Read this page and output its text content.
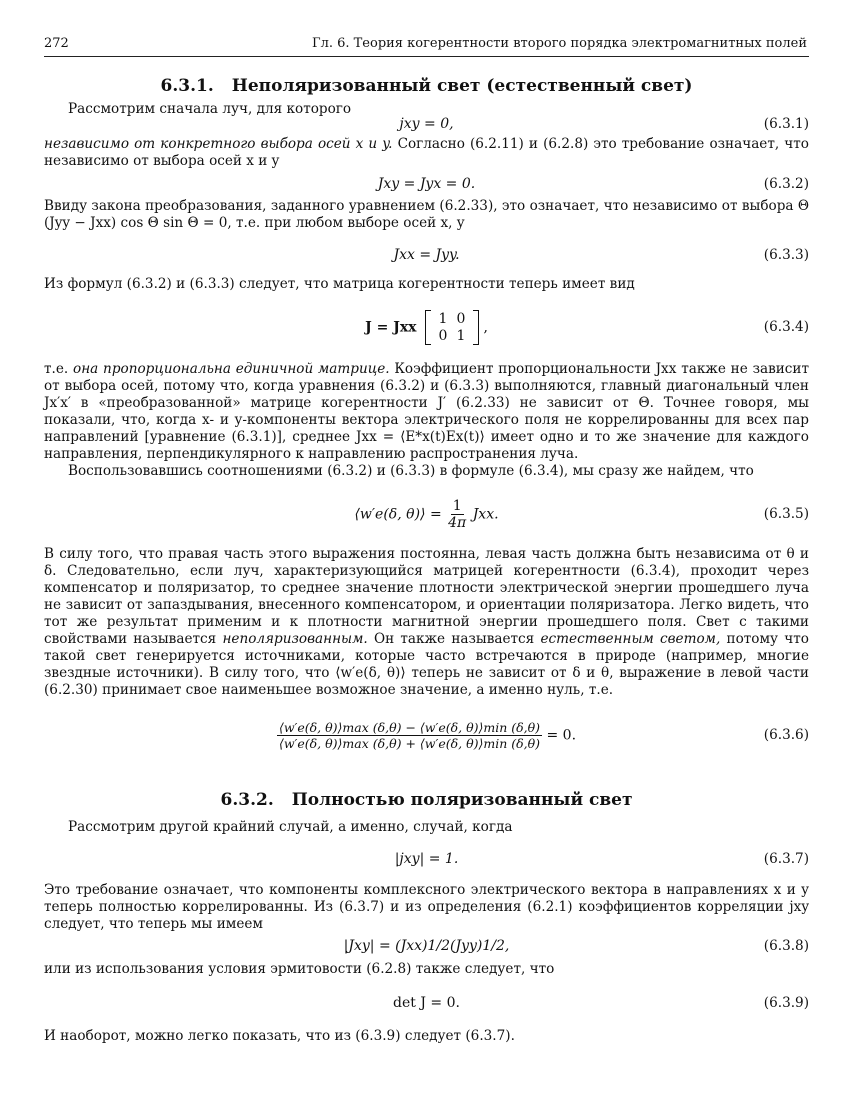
272	Гл. 6. Теория когерентности второго порядка электромагнитных полей
6.3.1. Неполяризованный свет (естественный свет)

Рассмотрим сначала луч, для которого

jxy = 0,	(6.3.1)

независимо от конкретного выбора осей x и y. Согласно (6.2.11) и (6.2.8) это требование означает, что независимо от выбора осей x и y

Jxy = Jyx = 0.	(6.3.2)

Ввиду закона преобразования, заданного уравнением (6.2.33), это означает, что независимо от выбора Θ (Jyy − Jxx) cos Θ sin Θ = 0, т.е. при любом выборе осей x, y

Jxx = Jyy.	(6.3.3)

Из формул (6.3.2) и (6.3.3) следует, что матрица когерентности теперь имеет вид

J = Jxx
1 0
0 1
,	(6.3.4)

т.е. она пропорциональна единичной матрице. Коэффициент пропорциональности Jxx также не зависит от выбора осей, потому что, когда уравнения (6.3.2) и (6.3.3) выполняются, главный диагональный член Jx′x′ в «преобразованной» матрице когерентности J′ (6.2.33) не зависит от Θ. Точнее говоря, мы показали, что, когда x- и y-компоненты вектора электрического поля не коррелированны для всех пар направлений [уравнение (6.3.1)], среднее Jxx = ⟨E*x(t)Ex(t)⟩ имеет одно и то же значение для каждого направления, перпендикулярного к направлению распространения луча.

Воспользовавшись соотношениями (6.3.2) и (6.3.3) в формуле (6.3.4), мы сразу же найдем, что

⟨w′e(δ, θ)⟩ = $\frac{1}{4\pi}$ Jxx.	(6.3.5)

В силу того, что правая часть этого выражения постоянна, левая часть должна быть независима от θ и δ. Следовательно, если луч, характеризующийся матрицей когерентности (6.3.4), проходит через компенсатор и поляризатор, то среднее значение плотности электрической энергии прошедшего луча не зависит от запаздывания, внесенного компенсатором, и ориентации поляризатора. Легко видеть, что тот же результат применим и к плотности магнитной энергии прошедшего поля. Свет с такими свойствами называется неполяризованным. Он также называется естественным светом, потому что такой свет генерируется источниками, которые часто встречаются в природе (например, многие звездные источники). В силу того, что ⟨w′e(δ, θ)⟩ теперь не зависит от δ и θ, выражение в левой части (6.2.30) принимает свое наименьшее возможное значение, а именно нуль, т.е.

$\frac{⟨w'e(\delta, \theta)⟩\max (\delta,\theta) - ⟨w'e(\delta, \theta)⟩\min (\delta,\theta)}{⟨w'e(\delta, \theta)⟩\max (\delta,\theta) + ⟨w'e(\delta, \theta)⟩\min (\delta,\theta)} = 0$.	(6.3.6)
6.3.2. Полностью поляризованный свет

Рассмотрим другой крайний случай, а именно, случай, когда

|jxy| = 1.	(6.3.7)

Это требование означает, что компоненты комплексного электрического вектора в направлениях x и y теперь полностью коррелированны. Из (6.3.7) и из определения (6.2.1) коэффициентов корреляции jxy следует, что теперь мы имеем

|Jxy| = (Jxx)1/2(Jyy)1/2,	(6.3.8)

или из использования условия эрмитовости (6.2.8) также следует, что

det J = 0.	(6.3.9)

И наоборот, можно легко показать, что из (6.3.9) следует (6.3.7).
